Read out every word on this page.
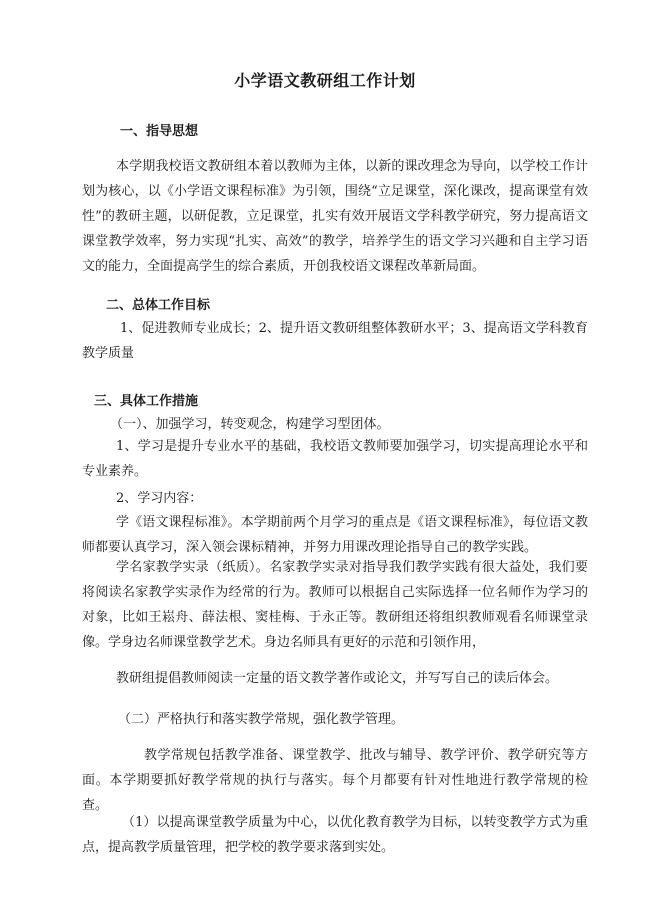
小学语文教研组工作计划
一、指导思想

本学期我校语文教研组本着以教师为主体，以新的课改理念为导向，以学校工作计划为核心，以《小学语文课程标准》为引领，围绕“立足课堂，深化课改，提高课堂有效性”的教研主题，以研促教，立足课堂，扎实有效开展语文学科教学研究，努力提高语文课堂教学效率，努力实现“扎实、高效”的教学，培养学生的语文学习兴趣和自主学习语文的能力，全面提高学生的综合素质，开创我校语文课程改革新局面。

二、总体工作目标

1、促进教师专业成长；2、提升语文教研组整体教研水平；3、提高语文学科教育教学质量

三、具体工作措施

（一）、加强学习，转变观念，构建学习型团体。

1、学习是提升专业水平的基础，我校语文教师要加强学习，切实提高理论水平和专业素养。

2、学习内容：

学《语文课程标准》。本学期前两个月学习的重点是《语文课程标准》，每位语文教师都要认真学习，深入领会课标精神，并努力用课改理论指导自己的教学实践。

学名家教学实录（纸质）。名家教学实录对指导我们教学实践有很大益处，我们要将阅读名家教学实录作为经常的行为。教师可以根据自己实际选择一位名师作为学习的对象，比如王崧舟、薛法根、窦桂梅、于永正等。教研组还将组织教师观看名师课堂录像。学身边名师课堂教学艺术。身边名师具有更好的示范和引领作用，

教研组提倡教师阅读一定量的语文教学著作或论文，并写写自己的读后体会。

（二）严格执行和落实教学常规，强化教学管理。

教学常规包括教学准备、课堂教学、批改与辅导、教学评价、教学研究等方面。本学期要抓好教学常规的执行与落实。每个月都要有针对性地进行教学常规的检查。

（1）以提高课堂教学质量为中心，以优化教育教学为目标，以转变教学方式为重点，提高教学质量管理，把学校的教学要求落到实处。
